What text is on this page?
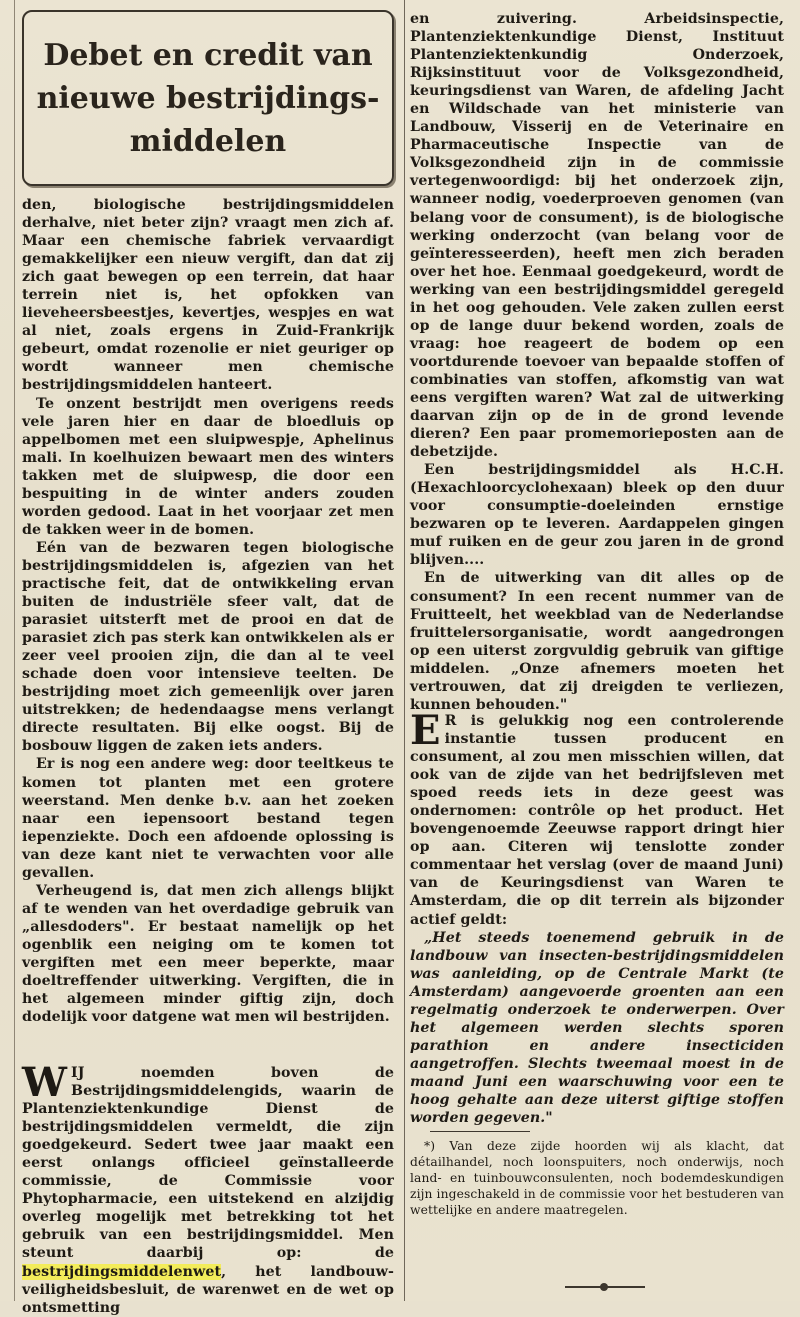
Debet en credit van nieuwe bestrijdings-middelen

den, biologische bestrijdingsmiddelen derhalve, niet beter zijn? vraagt men zich af. Maar een chemische fabriek vervaardigt gemakkelijker een nieuw vergift, dan dat zij zich gaat bewegen op een terrein, dat haar terrein niet is, het opfokken van lieveheersbeestjes, kevertjes, wespjes en wat al niet, zoals ergens in Zuid-Frankrijk gebeurt, omdat rozenolie er niet geuriger op wordt wanneer men chemische bestrijdingsmiddelen hanteert.

Te onzent bestrijdt men overigens reeds vele jaren hier en daar de bloedluis op appelbomen met een sluipwespje, Aphelinus mali. In koelhuizen bewaart men des winters takken met de sluipwesp, die door een bespuiting in de winter anders zouden worden gedood. Laat in het voorjaar zet men de takken weer in de bomen.

Eén van de bezwaren tegen biologische bestrijdingsmiddelen is, afgezien van het practische feit, dat de ontwikkeling ervan buiten de industriële sfeer valt, dat de parasiet uitsterft met de prooi en dat de parasiet zich pas sterk kan ontwikkelen als er zeer veel prooien zijn, die dan al te veel schade doen voor intensieve teelten. De bestrijding moet zich gemeenlijk over jaren uitstrekken; de hedendaagse mens verlangt directe resultaten. Bij elke oogst. Bij de bosbouw liggen de zaken iets anders.

Er is nog een andere weg: door teeltkeus te komen tot planten met een grotere weerstand. Men denke b.v. aan het zoeken naar een iepensoort bestand tegen iepenziekte. Doch een afdoende oplossing is van deze kant niet te verwachten voor alle gevallen.

Verheugend is, dat men zich allengs blijkt af te wenden van het overdadige gebruik van „allesdoders". Er bestaat namelijk op het ogenblik een neiging om te komen tot vergiften met een meer beperkte, maar doeltreffender uitwerking. Vergiften, die in het algemeen minder giftig zijn, doch dodelijk voor datgene wat men wil bestrijden.

WIJ noemden boven de Bestrijdingsmiddelengids, waarin de Plantenziektenkundige Dienst de bestrijdingsmiddelen vermeldt, die zijn goedgekeurd. Sedert twee jaar maakt een eerst onlangs officieel geïnstalleerde commissie, de Commissie voor Phytopharmacie, een uitstekend en alzijdig overleg mogelijk met betrekking tot het gebruik van een bestrijdingsmiddel. Men steunt daarbij op: de bestrijdingsmiddelenwet, het landbouw-veiligheidsbesluit, de warenwet en de wet op ontsmetting

en zuivering. Arbeidsinspectie, Plantenziektenkundige Dienst, Instituut Plantenziektenkundig Onderzoek, Rijksinstituut voor de Volksgezondheid, keuringsdienst van Waren, de afdeling Jacht en Wildschade van het ministerie van Landbouw, Visserij en de Veterinaire en Pharmaceutische Inspectie van de Volksgezondheid zijn in de commissie vertegenwoordigd: bij het onderzoek zijn, wanneer nodig, voederproeven genomen (van belang voor de consument), is de biologische werking onderzocht (van belang voor de geïnteresseerden), heeft men zich beraden over het hoe. Eenmaal goedgekeurd, wordt de werking van een bestrijdingsmiddel geregeld in het oog gehouden. Vele zaken zullen eerst op de lange duur bekend worden, zoals de vraag: hoe reageert de bodem op een voortdurende toevoer van bepaalde stoffen of combinaties van stoffen, afkomstig van wat eens vergiften waren? Wat zal de uitwerking daarvan zijn op de in de grond levende dieren? Een paar promemorieposten aan de debetzijde.

Een bestrijdingsmiddel als H.C.H. (Hexachloorcyclohexaan) bleek op den duur voor consumptie-doeleinden ernstige bezwaren op te leveren. Aardappelen gingen muf ruiken en de geur zou jaren in de grond blijven....

En de uitwerking van dit alles op de consument? In een recent nummer van de Fruitteelt, het weekblad van de Nederlandse fruittelersorganisatie, wordt aangedrongen op een uiterst zorgvuldig gebruik van giftige middelen. „Onze afnemers moeten het vertrouwen, dat zij dreigden te verliezen, kunnen behouden."

E R is gelukkig nog een controlerende instantie tussen producent en consument, al zou men misschien willen, dat ook van de zijde van het bedrijfsleven met spoed reeds iets in deze geest was ondernomen: contrôle op het product. Het bovengenoemde Zeeuwse rapport dringt hier op aan. Citeren wij tenslotte zonder commentaar het verslag (over de maand Juni) van de Keuringsdienst van Waren te Amsterdam, die op dit terrein als bijzonder actief geldt:

„Het steeds toenemend gebruik in de landbouw van insecten-bestrijdingsmiddelen was aanleiding, op de Centrale Markt (te Amsterdam) aangevoerde groenten aan een regelmatig onderzoek te onderwerpen. Over het algemeen werden slechts sporen parathion en andere insecticiden aangetroffen. Slechts tweemaal moest in de maand Juni een waarschuwing voor een te hoog gehalte aan deze uiterst giftige stoffen worden gegeven."

*) Van deze zijde hoorden wij als klacht, dat détailhandel, noch loonspuiters, noch onderwijs, noch land- en tuinbouwconsulenten, noch bodemdeskundigen zijn ingeschakeld in de commissie voor het bestuderen van wettelijke en andere maatregelen.
